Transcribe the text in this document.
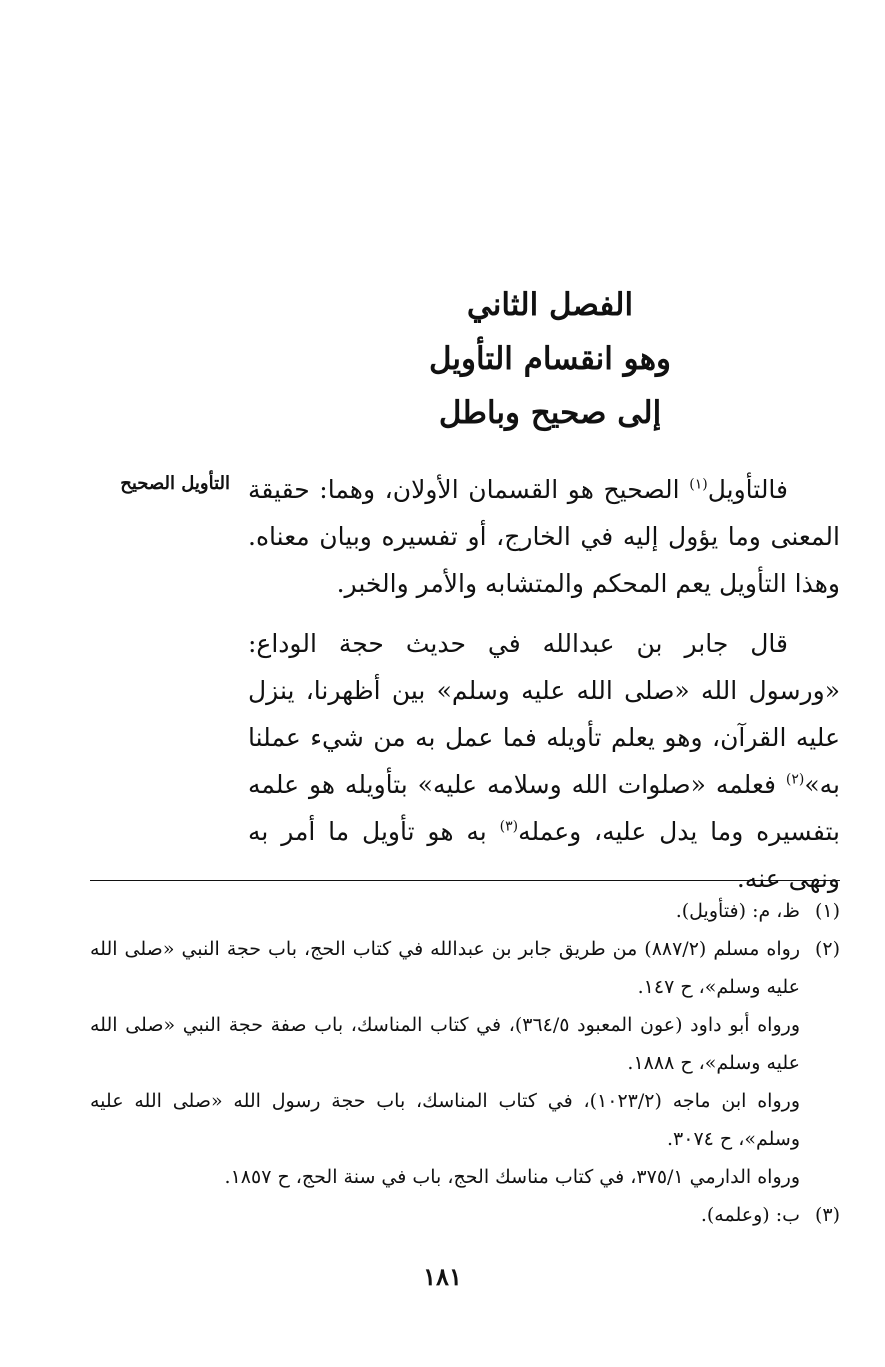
الفصل الثاني
وهو انقسام التأويل
إلى صحيح وباطل
التأويل الصحيح	فالتأويل$^{(١)}$ الصحيح هو القسمان الأولان، وهما: حقيقة المعنى وما يؤول إليه في الخارج، أو تفسيره وبيان معناه. وهذا التأويل يعم المحكم والمتشابه والأمر والخبر.

قال جابر بن عبدالله في حديث حجة الوداع: «ورسول الله «صلى الله عليه وسلم» بين أظهرنا، ينزل عليه القرآن، وهو يعلم تأويله فما عمل به من شيء عملنا به»$^{(٢)}$ فعلمه «صلوات الله وسلامه عليه» بتأويله هو علمه بتفسيره وما يدل عليه، وعمله$^{(٣)}$ به هو تأويل ما أمر به ونهى عنه.

(١)
ظ، م: (فتأويل).
(٢)
رواه مسلم (٨٨٧/٢) من طريق جابر بن عبدالله في كتاب الحج، باب حجة النبي «صلى الله عليه وسلم»، ح ١٤٧.
ورواه أبو داود (عون المعبود ٣٦٤/٥)، في كتاب المناسك، باب صفة حجة النبي «صلى الله عليه وسلم»، ح ١٨٨٨.
ورواه ابن ماجه (١٠٢٣/٢)، في كتاب المناسك، باب حجة رسول الله «صلى الله عليه وسلم»، ح ٣٠٧٤.
ورواه الدارمي ٣٧٥/١، في كتاب مناسك الحج، باب في سنة الحج، ح ١٨٥٧.
(٣)
ب: (وعلمه).
١٨١
